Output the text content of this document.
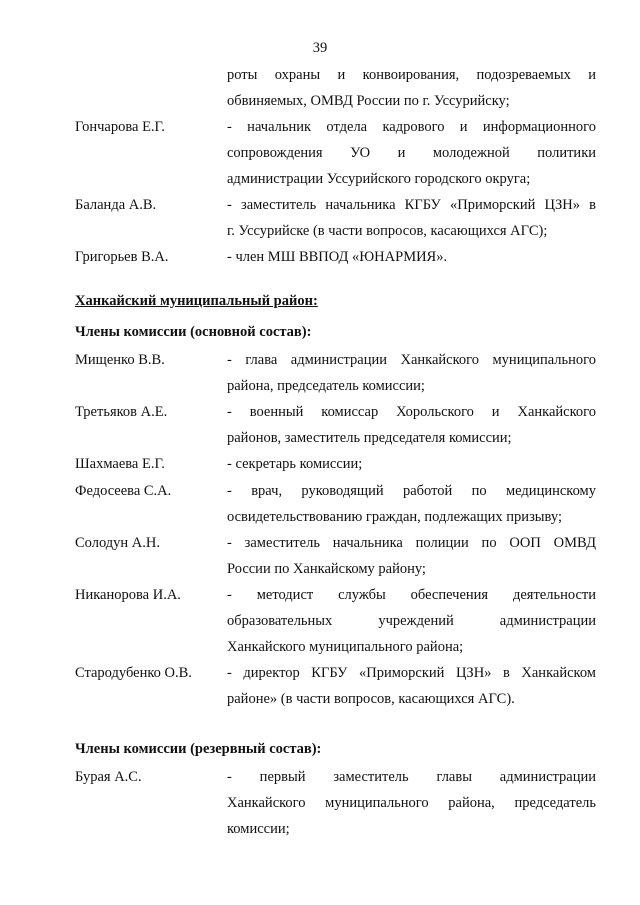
39

роты охраны и конвоирования, подозреваемых и

обвиняемых, ОМВД России по г. Уссурийску;

Гончарова Е.Г.	- начальник отдела кадрового и информационного

сопровождения УО и молодежной политики

администрации Уссурийского городского округа;

Баланда А.В.	- заместитель начальника КГБУ «Приморский ЦЗН» в

г. Уссурийске (в части вопросов, касающихся АГС);

Григорьев В.А.	- член МШ ВВПОД «ЮНАРМИЯ».

Ханкайский муниципальный район:
Члены комиссии (основной состав):
Мищенко В.В.	- глава администрации Ханкайского муниципального

района, председатель комиссии;

Третьяков А.Е.	- военный комиссар Хорольского и Ханкайского

районов, заместитель председателя комиссии;

Шахмаева Е.Г.	- секретарь комиссии;

Федосеева С.А.	- врач, руководящий работой по медицинскому

освидетельствованию граждан, подлежащих призыву;

Солодун А.Н.	- заместитель начальника полиции по ООП ОМВД

России по Ханкайскому району;

Никанорова И.А.	- методист службы обеспечения деятельности

образовательных учреждений администрации

Ханкайского муниципального района;

Стародубенко О.В. - директор КГБУ «Приморский ЦЗН» в Ханкайском

районе» (в части вопросов, касающихся АГС).

Члены комиссии (резервный состав):
Бурая А.С.	- первый заместитель главы администрации

Ханкайского муниципального района, председатель

комиссии;
